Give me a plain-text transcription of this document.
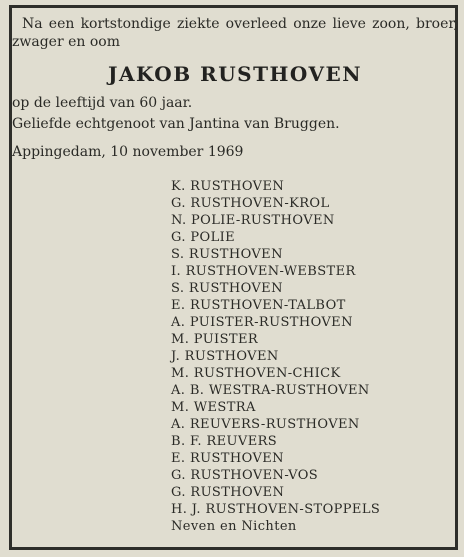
Na een kortstondige ziekte overleed onze lieve zoon, broer, zwager en oom

JAKOB RUSTHOVEN

op de leeftijd van 60 jaar.

Geliefde echtgenoot van Jantina van Bruggen.

Appingedam, 10 november 1969

K. RUSTHOVEN
G. RUSTHOVEN-KROL
N. POLIE-RUSTHOVEN
G. POLIE
S. RUSTHOVEN
I. RUSTHOVEN-WEBSTER
S. RUSTHOVEN
E. RUSTHOVEN-TALBOT
A. PUISTER-RUSTHOVEN
M. PUISTER
J. RUSTHOVEN
M. RUSTHOVEN-CHICK
A. B. WESTRA-RUSTHOVEN
M. WESTRA
A. REUVERS-RUSTHOVEN
B. F. REUVERS
E. RUSTHOVEN
G. RUSTHOVEN-VOS
G. RUSTHOVEN
H. J. RUSTHOVEN-STOPPELS
Neven en Nichten
